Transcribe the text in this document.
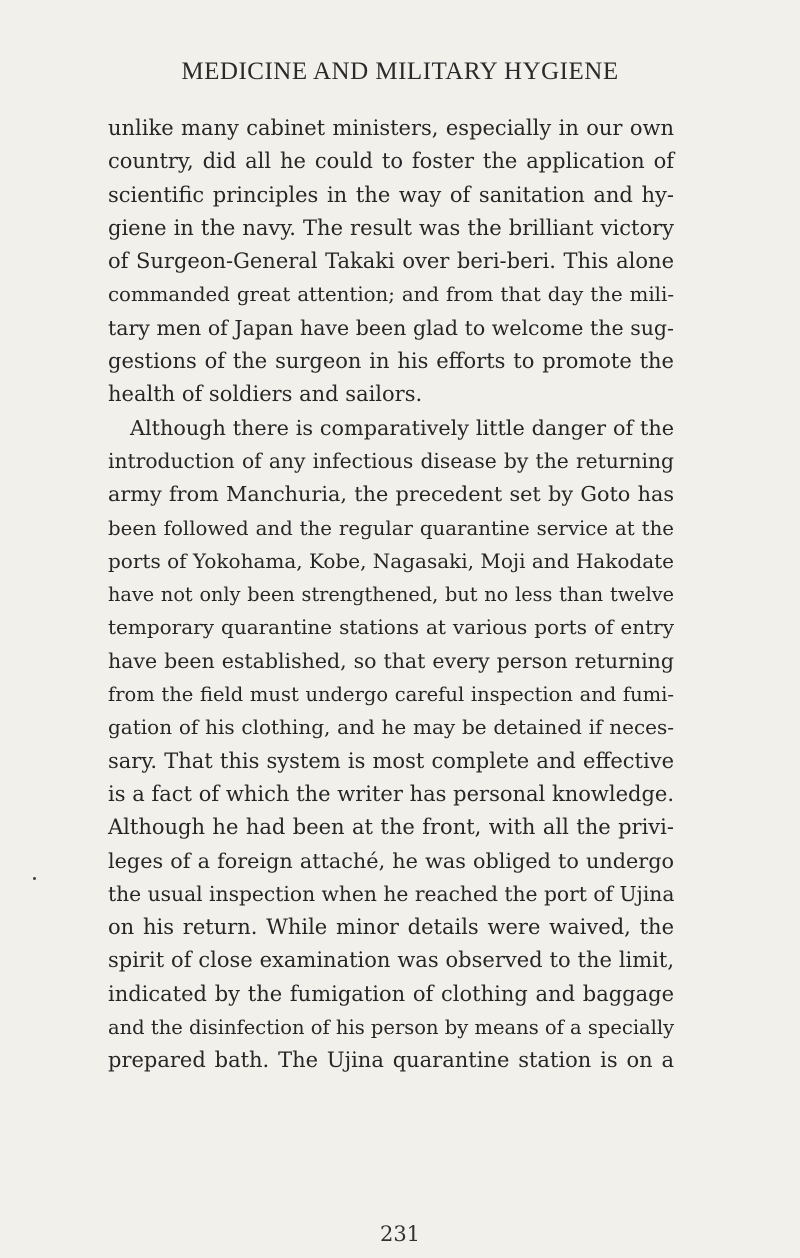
MEDICINE AND MILITARY HYGIENE
unlike many cabinet ministers, especially in our own
country, did all he could to foster the application of
scientific principles in the way of sanitation and hy-
giene in the navy. The result was the brilliant victory
of Surgeon-General Takaki over beri-beri. This alone
commanded great attention; and from that day the mili-
tary men of Japan have been glad to welcome the sug-
gestions of the surgeon in his efforts to promote the
health of soldiers and sailors.
Although there is comparatively little danger of the
introduction of any infectious disease by the returning
army from Manchuria, the precedent set by Goto has
been followed and the regular quarantine service at the
ports of Yokohama, Kobe, Nagasaki, Moji and Hakodate
have not only been strengthened, but no less than twelve
temporary quarantine stations at various ports of entry
have been established, so that every person returning
from the field must undergo careful inspection and fumi-
gation of his clothing, and he may be detained if neces-
sary. That this system is most complete and effective
is a fact of which the writer has personal knowledge.
Although he had been at the front, with all the privi-
leges of a foreign attaché, he was obliged to undergo
the usual inspection when he reached the port of Ujina
on his return. While minor details were waived, the
spirit of close examination was observed to the limit,
indicated by the fumigation of clothing and baggage
and the disinfection of his person by means of a specially
prepared bath. The Ujina quarantine station is on a
231
